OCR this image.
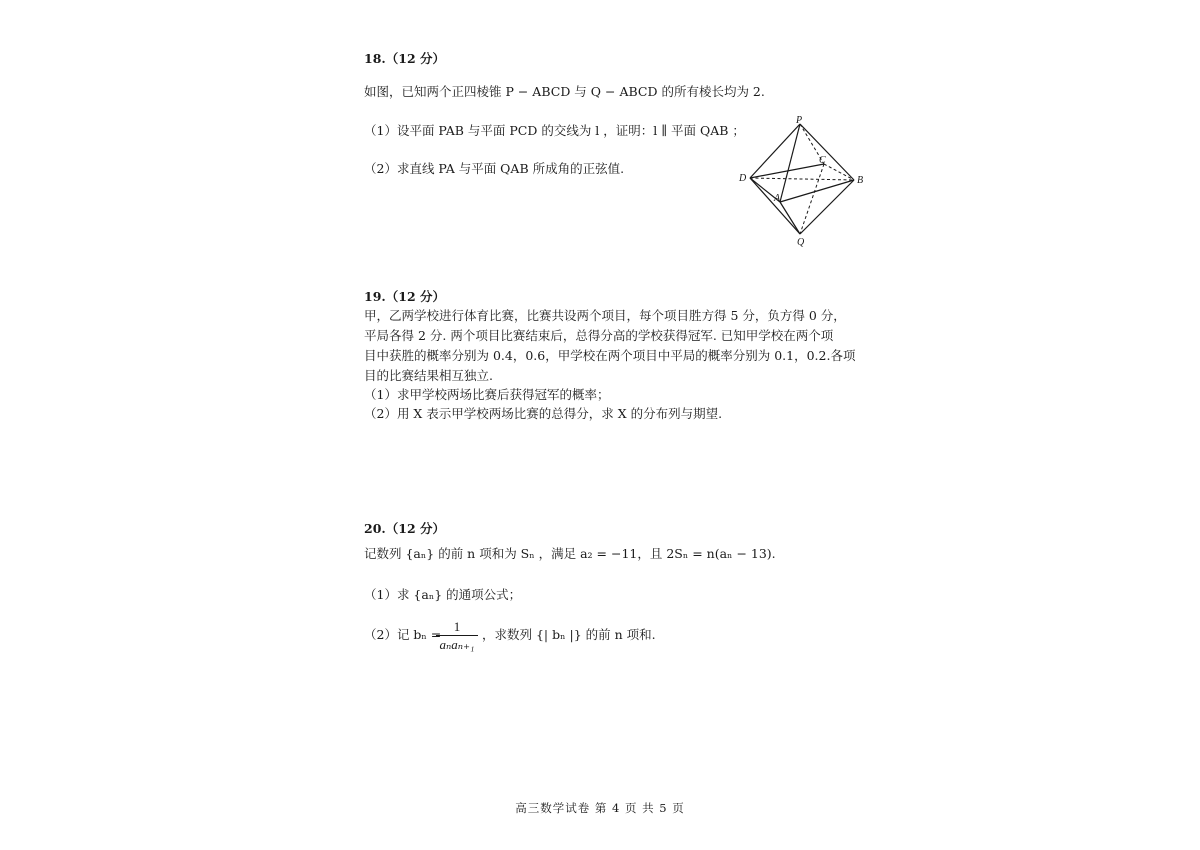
18.（12 分）

如图，已知两个正四棱锥 P − ABCD 与 Q − ABCD 的所有棱长均为 2.

（1）设平面 PAB 与平面 PCD 的交线为 l ，证明：l ∥ 平面 QAB ；

（2）求直线 PA 与平面 QAB 所成角的正弦值.

P
C
D	B
A
Q

19.（12 分）

甲，乙两学校进行体育比赛，比赛共设两个项目，每个项目胜方得 5 分，负方得 0 分，

平局各得 2 分. 两个项目比赛结束后，总得分高的学校获得冠军. 已知甲学校在两个项

目中获胜的概率分别为 0.4，0.6，甲学校在两个项目中平局的概率分别为 0.1，0.2.各项

目的比赛结果相互独立.

（1）求甲学校两场比赛后获得冠军的概率；

（2）用 X 表示甲学校两场比赛的总得分，求 X 的分布列与期望.

20.（12 分）

记数列 {aₙ} 的前 n 项和为 Sₙ ，满足 a₂ = −11，且 2Sₙ = n(aₙ − 13).

（1）求 {aₙ} 的通项公式；

（2）记 bₙ =

1
aₙaₙ₊₁

，求数列 {| bₙ |} 的前 n 项和.

高三数学试卷 第 4 页 共 5 页
